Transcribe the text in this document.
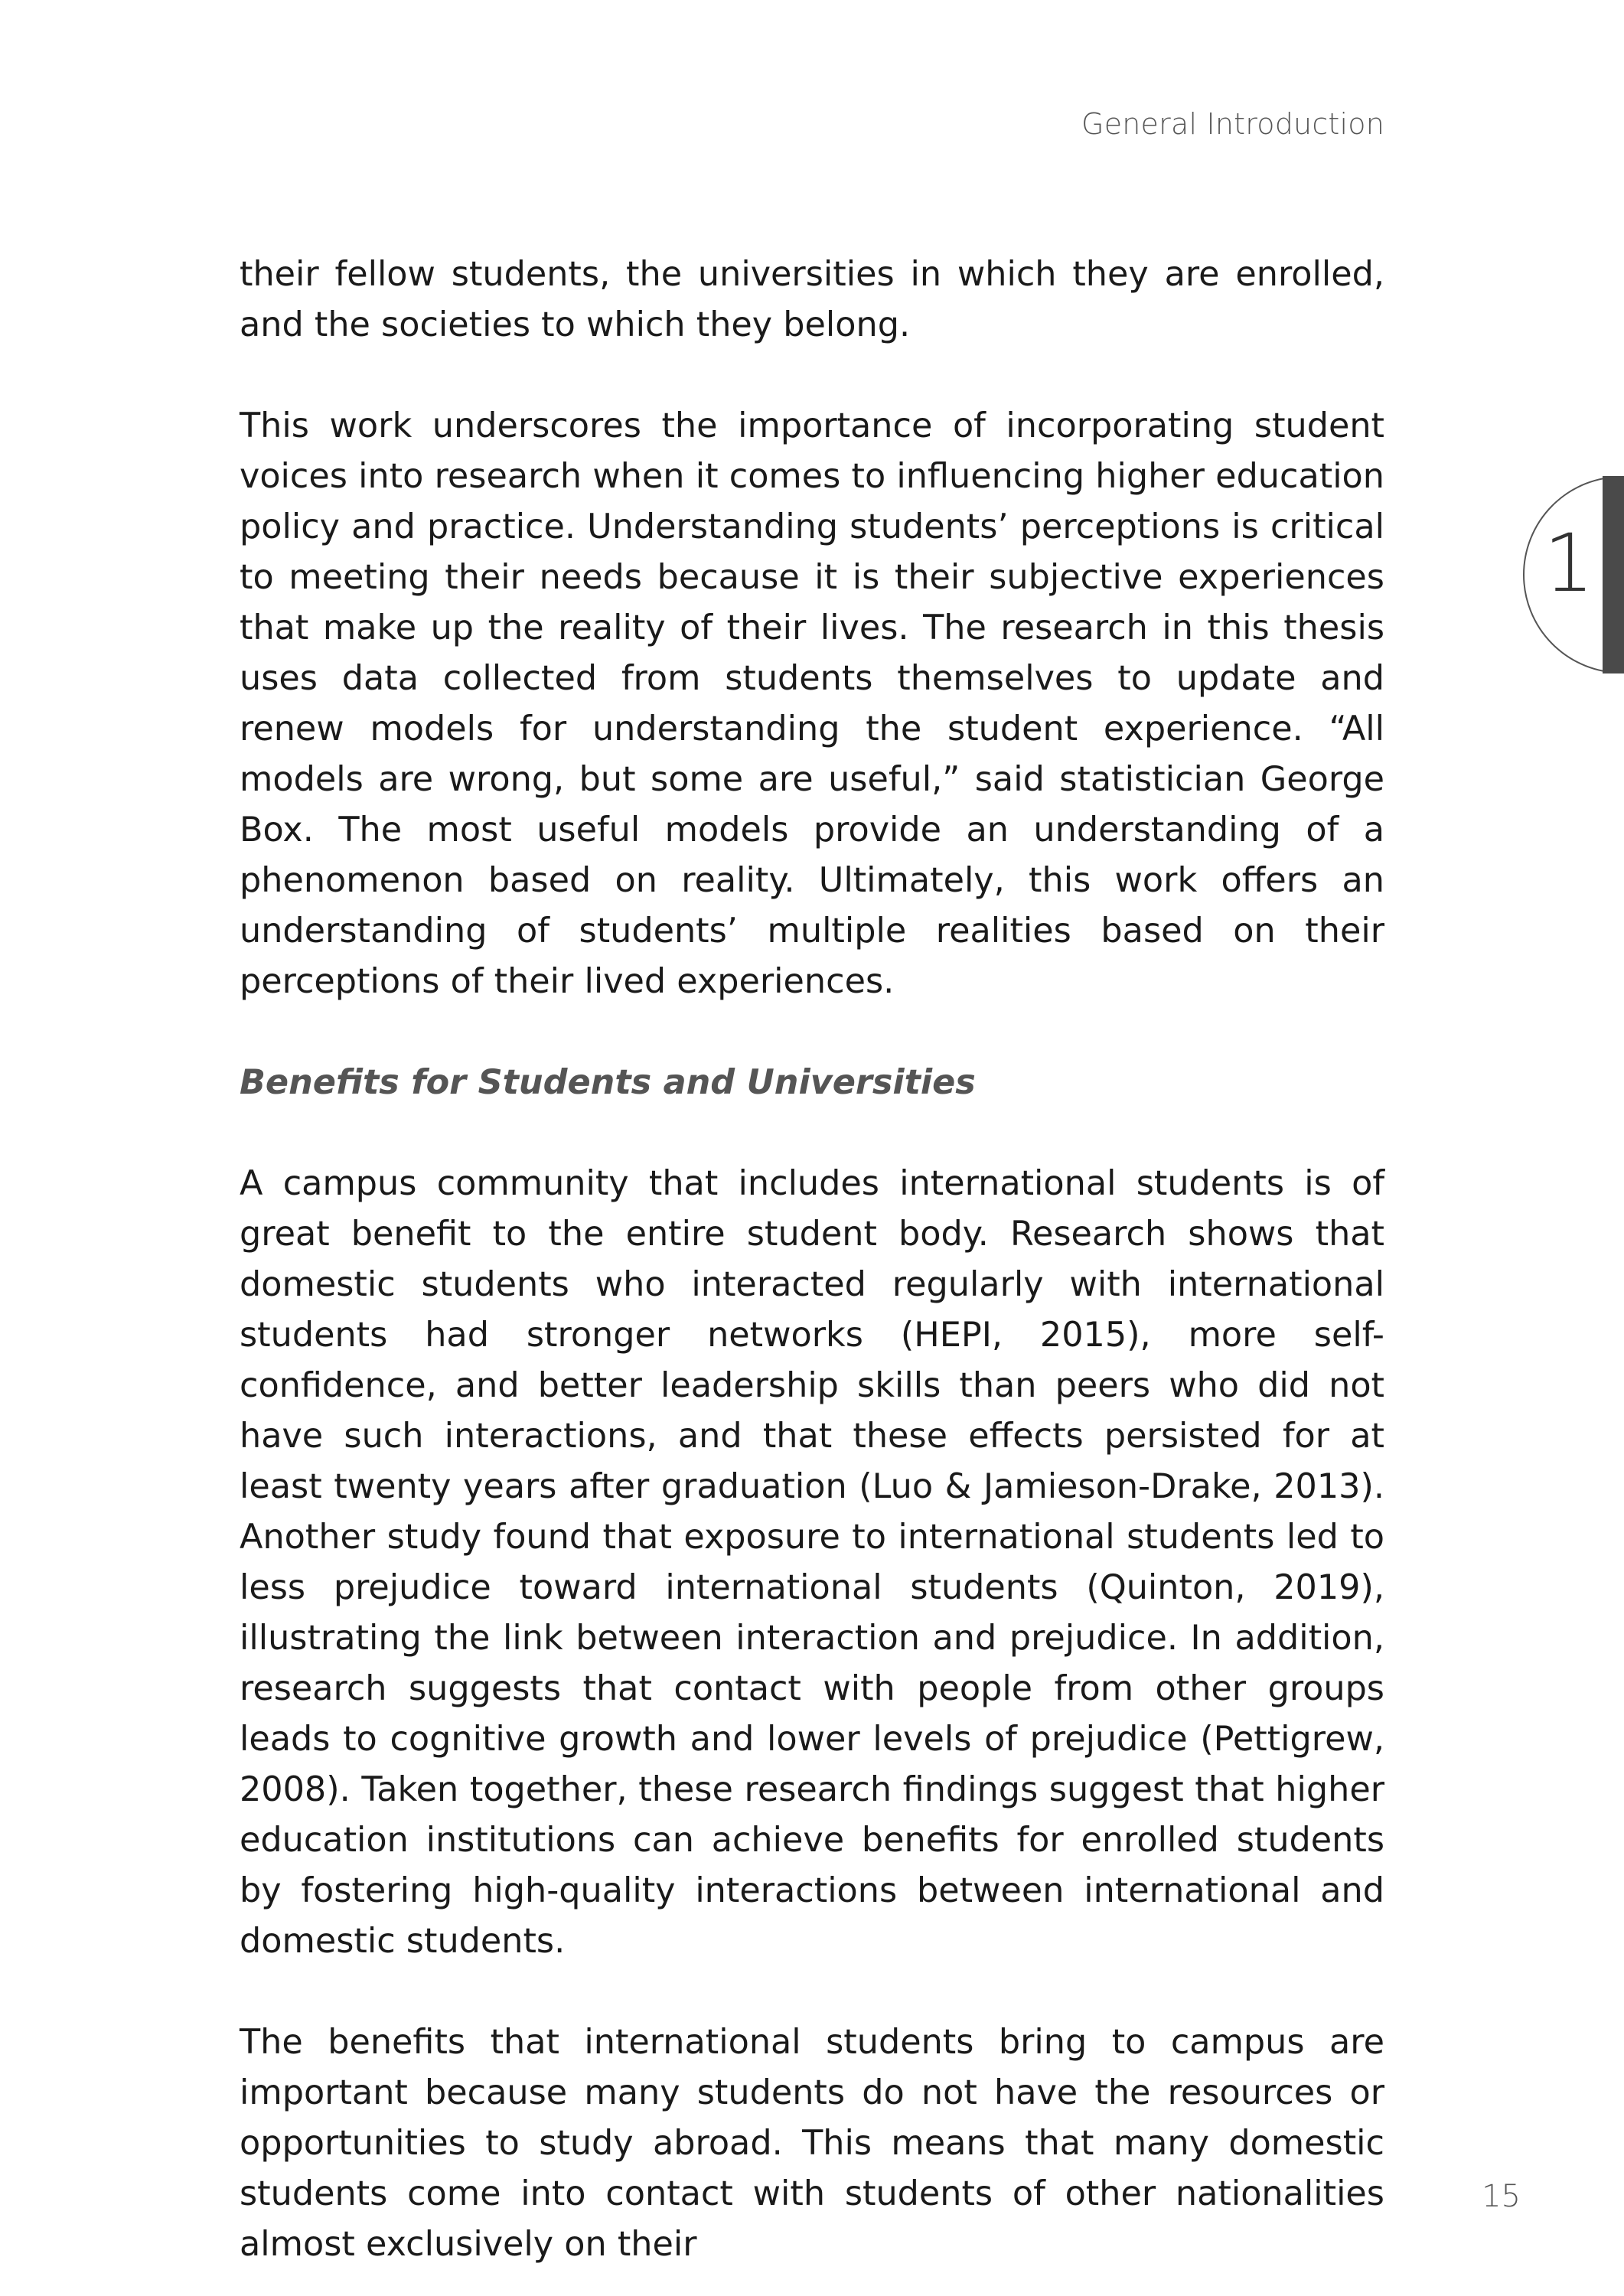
General Introduction
1

their fellow students, the universities in which they are enrolled, and the societies to which they belong.

This work underscores the importance of incorporating student voices into research when it comes to influencing higher education policy and practice. Understanding students’ perceptions is critical to meeting their needs because it is their subjective experiences that make up the reality of their lives. The research in this thesis uses data collected from students themselves to update and renew models for understanding the student experience. “All models are wrong, but some are useful,” said statistician George Box. The most useful models provide an understanding of a phenomenon based on reality. Ultimately, this work offers an understanding of students’ multiple realities based on their perceptions of their lived experiences.

Benefits for Students and Universities

A campus community that includes international students is of great benefit to the entire student body. Research shows that domestic students who interacted regularly with international students had stronger networks (HEPI, 2015), more self-confidence, and better leadership skills than peers who did not have such interactions, and that these effects persisted for at least twenty years after graduation (Luo & Jamieson-Drake, 2013). Another study found that exposure to international students led to less prejudice toward international students (Quinton, 2019), illustrating the link between interaction and prejudice. In addition, research suggests that contact with people from other groups leads to cognitive growth and lower levels of prejudice (Pettigrew, 2008). Taken together, these research findings suggest that higher education institutions can achieve benefits for enrolled students by fostering high-quality interactions between international and domestic students.

The benefits that international students bring to campus are important because many students do not have the resources or opportunities to study abroad. This means that many domestic students come into contact with students of other nationalities almost exclusively on their

15
